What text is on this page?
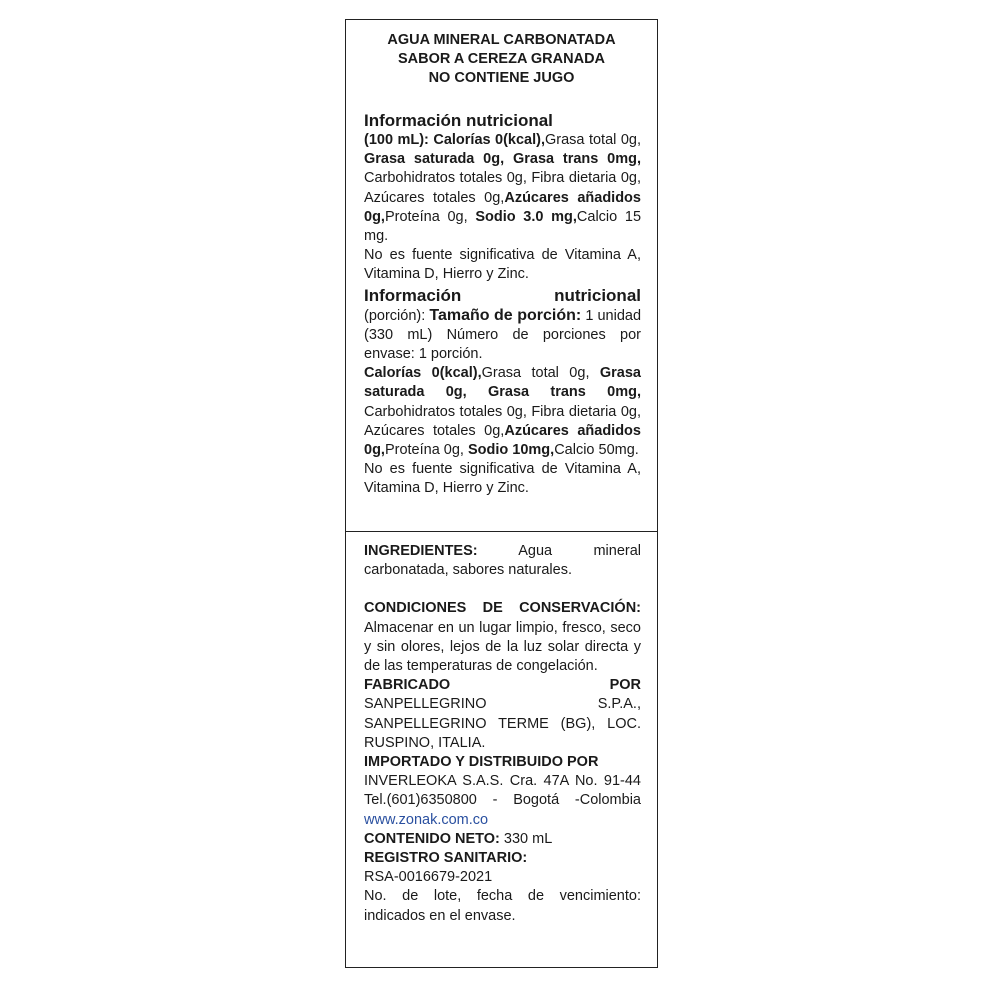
AGUA MINERAL CARBONATADA
SABOR A CEREZA GRANADA
NO CONTIENE JUGO
Información nutricional
(100 mL): Calorías 0(kcal),Grasa total 0g, Grasa saturada 0g, Grasa trans 0mg, Carbohidratos totales 0g, Fibra dietaria 0g, Azúcares totales 0g,Azúcares añadidos 0g,Proteína 0g, Sodio 3.0 mg,Calcio 15 mg.
No es fuente significativa de Vitamina A, Vitamina D, Hierro y Zinc.
Información nutricional
(porción): Tamaño de porción: 1 unidad (330 mL) Número de porciones por envase: 1 porción.
Calorías 0(kcal),Grasa total 0g, Grasa saturada 0g, Grasa trans 0mg, Carbohidratos totales 0g, Fibra dietaria 0g, Azúcares totales 0g,Azúcares añadidos 0g,Proteína 0g, Sodio 10mg,Calcio 50mg.
No es fuente significativa de Vitamina A, Vitamina D, Hierro y Zinc.
INGREDIENTES:	Agua mineral carbonatada, sabores naturales.
CONDICIONES DE CONSERVACIÓN:
Almacenar en un lugar limpio, fresco, seco y sin olores, lejos de la luz solar directa y de las temperaturas de congelación.
FABRICADO POR
SANPELLEGRINO S.P.A., SANPELLEGRINO TERME (BG), LOC. RUSPINO, ITALIA.
IMPORTADO Y DISTRIBUIDO POR
INVERLEOKA S.A.S. Cra. 47A No. 91-44 Tel.(601)6350800 - Bogotá -Colombia www.zonak.com.co
CONTENIDO NETO: 330 mL
REGISTRO SANITARIO:
RSA-0016679-2021
No. de lote, fecha de vencimiento: indicados en el envase.
